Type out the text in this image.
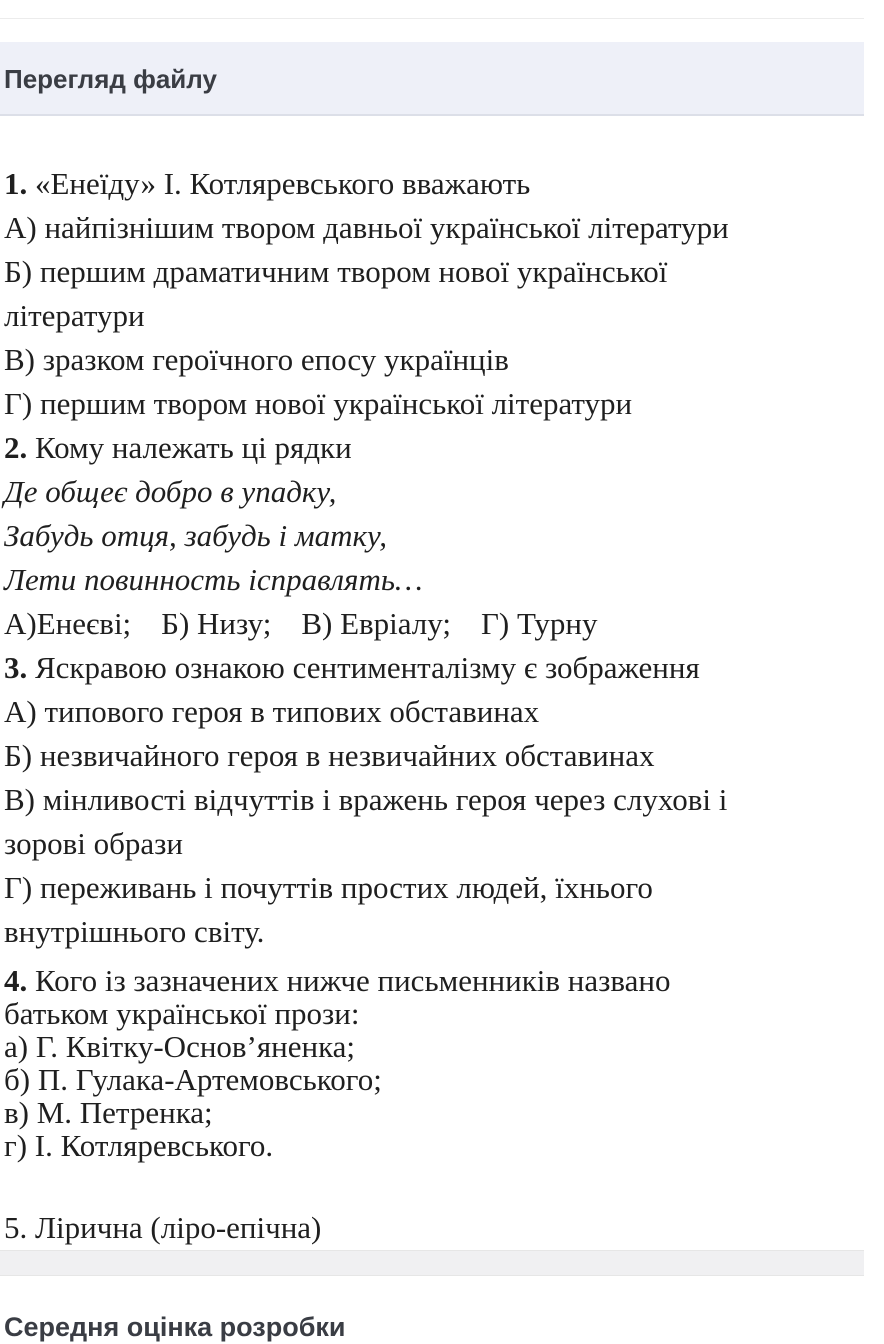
Перегляд файлу
1. «Енеїду» І. Котляревського вважають
А) найпізнішим твором давньої української літератури
Б) першим драматичним твором нової української
літератури
В) зразком героїчного епосу українців
Г) першим твором нової української літератури
2. Кому належать ці рядки
Де общеє добро в упадку,
Забудь отця, забудь і матку,
Лети повинность ісправлять…
А)Енеєві; Б) Низу; В) Евріалу; Г) Турну
3. Яскравою ознакою сентименталізму є зображення
А) типового героя в типових обставинах
Б) незвичайного героя в незвичайних обставинах
В) мінливості відчуттів і вражень героя через слухові і
зорові образи
Г) переживань і почуттів простих людей, їхнього
внутрішнього світу.
4. Кого із зазначених нижче письменників названо
батьком української прози:
а) Г. Квітку-Основ’яненка;
б) П. Гулака-Артемовського;
в) М. Петренка;
г) І. Котляревського.
5. Лірична (ліро-епічна)
Середня оцінка розробки
